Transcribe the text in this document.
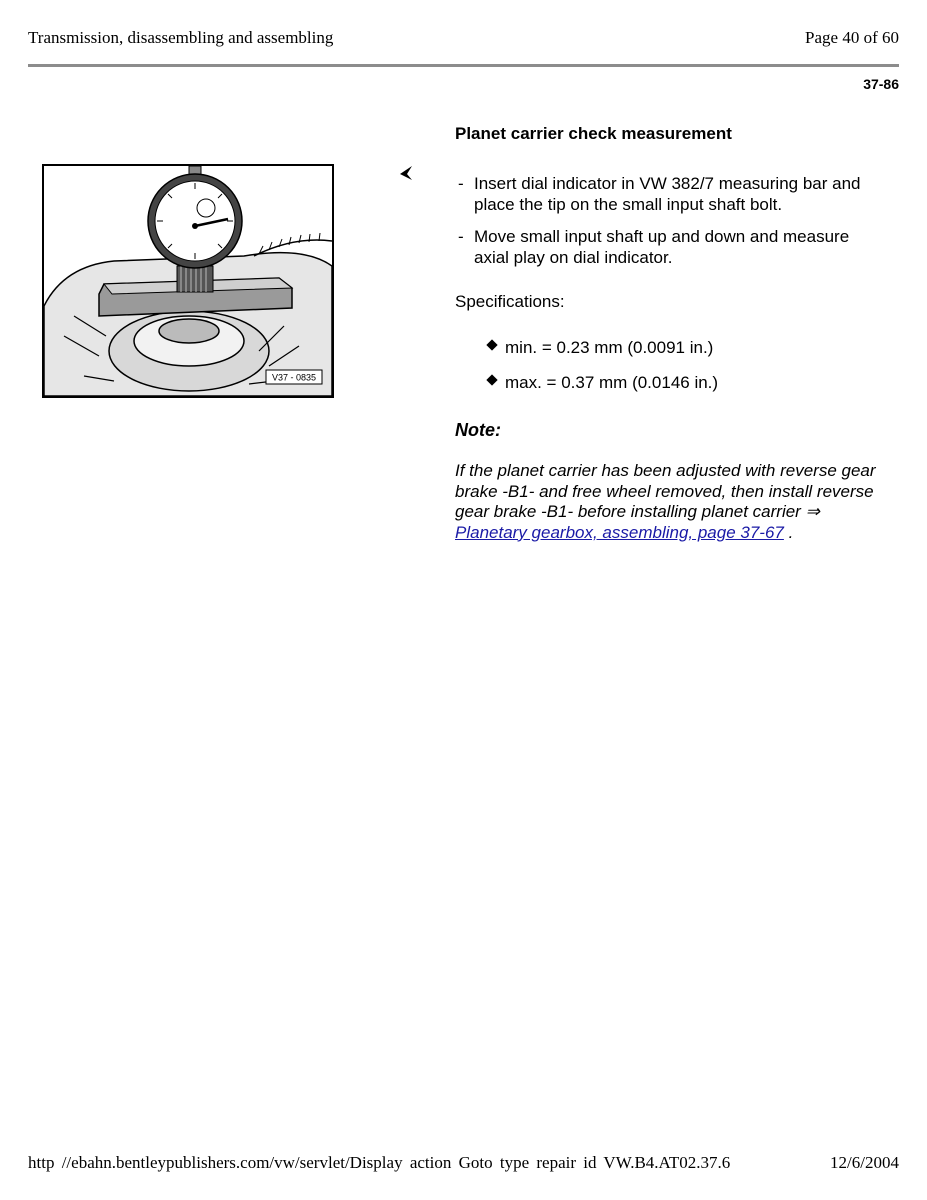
Transmission, disassembling and assembling	Page 40 of 60
37-86
V37 - 0835
Planet carrier check measurement
- Insert dial indicator in VW 382/7 measuring bar and place the tip on the small input shaft bolt.
- Move small input shaft up and down and measure axial play on dial indicator.
Specifications:
min. = 0.23 mm (0.0091 in.)
max. = 0.37 mm (0.0146 in.)
Note:
If the planet carrier has been adjusted with reverse gear brake -B1- and free wheel removed, then install reverse gear brake -B1- before installing planet carrier ⇒ Planetary gearbox, assembling, page 37-67 .
http //ebahn.bentleypublishers.com/vw/servlet/Display action Goto type repair id VW.B4.AT02.37.6	12/6/2004
